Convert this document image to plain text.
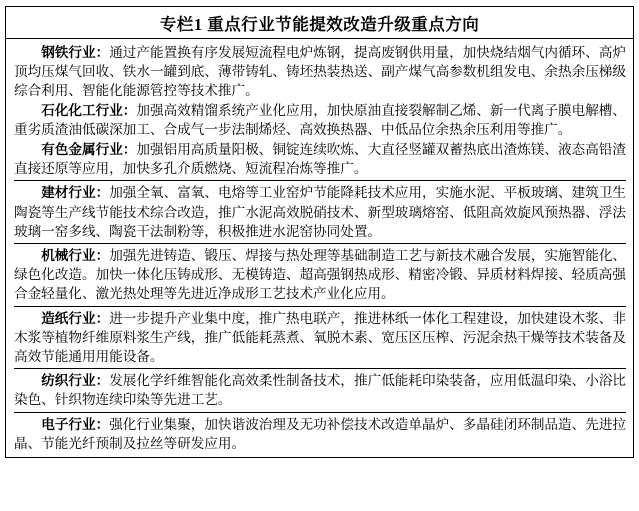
专栏1 重点行业节能提效改造升级重点方向

钢铁行业：通过产能置换有序发展短流程电炉炼钢，提高废钢供用量，加快烧结烟气内循环、高炉顶均压煤气回收、铁水一罐到底、薄带铸轧、铸坯热装热送、副产煤气高参数机组发电、余热余压梯级综合利用、智能化能源管控等技术推广。

石化化工行业：加强高效精馏系统产业化应用，加快原油直接裂解制乙烯、新一代离子膜电解槽、重劣质渣油低碳深加工、合成气一步法制烯烃、高效换热器、中低品位余热余压利用等推广。

有色金属行业：加强铝用高质量阳极、铜锭连续吹炼、大直径竖罐双蓄热底出渣炼镁、液态高铅渣直接还原等应用，加快多孔介质燃烧、短流程冶炼等推广。

建材行业：加强全氧、富氧、电熔等工业窑炉节能降耗技术应用，实施水泥、平板玻璃、建筑卫生陶瓷等生产线节能技术综合改造，推广水泥高效脱硝技术、新型玻璃熔窑、低阻高效旋风预热器、浮法玻璃一窑多线、陶瓷干法制粉等，积极推进水泥窑协同处置。

机械行业：加强先进铸造、锻压、焊接与热处理等基础制造工艺与新技术融合发展，实施智能化、绿色化改造。加快一体化压铸成形、无模铸造、超高强钢热成形、精密冷锻、异质材料焊接、轻质高强合金轻量化、激光热处理等先进近净成形工艺技术产业化应用。

造纸行业：进一步提升产业集中度，推广热电联产，推进林纸一体化工程建设，加快建设木浆、非木浆等植物纤维原料浆生产线，推广低能耗蒸煮、氧脱木素、宽压区压榨、污泥余热干燥等技术装备及高效节能通用用能设备。

纺织行业：发展化学纤维智能化高效柔性制备技术，推广低能耗印染装备，应用低温印染、小浴比染色、针织物连续印染等先进工艺。

电子行业：强化行业集聚，加快谐波治理及无功补偿技术改造单晶炉、多晶硅闭环制品造、先进拉晶、节能光纤预制及拉丝等研发应用。
